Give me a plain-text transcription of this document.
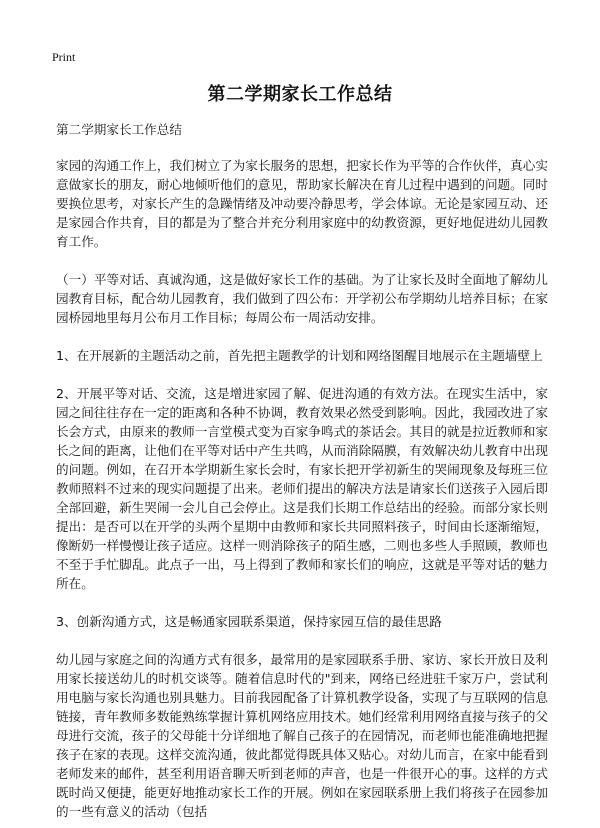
Print
第二学期家长工作总结

第二学期家长工作总结

家园的沟通工作上，我们树立了为家长服务的思想，把家长作为平等的合作伙伴，真心实意做家长的朋友，耐心地倾听他们的意见，帮助家长解决在育儿过程中遇到的问题。同时要换位思考，对家长产生的急躁情绪及冲动要冷静思考，学会体谅。无论是家园互动、还是家园合作共育，目的都是为了整合并充分利用家庭中的幼教资源，更好地促进幼儿园教育工作。

（一）平等对话、真诚沟通，这是做好家长工作的基础。为了让家长及时全面地了解幼儿园教育目标，配合幼儿园教育，我们做到了四公布：开学初公布学期幼儿培养目标；在家园桥园地里每月公布月工作目标；每周公布一周活动安排。

1、在开展新的主题活动之前，首先把主题教学的计划和网络图醒目地展示在主题墙壁上

2、开展平等对话、交流，这是增进家园了解、促进沟通的有效方法。在现实生活中，家园之间往往存在一定的距离和各种不协调，教育效果必然受到影响。因此，我园改进了家长会方式，由原来的教师一言堂模式变为百家争鸣式的茶话会。其目的就是拉近教师和家长之间的距离，让他们在平等对话中产生共鸣，从而消除隔膜，有效解决幼儿教育中出现的问题。例如，在召开本学期新生家长会时，有家长把开学初新生的哭闹现象及每班三位教师照料不过来的现实问题提了出来。老师们提出的解决方法是请家长们送孩子入园后即全部回避，新生哭闹一会儿自己会停止。这是我们长期工作总结出的经验。而部分家长则提出：是否可以在开学的头两个星期中由教师和家长共同照料孩子，时间由长逐渐缩短，像断奶一样慢慢让孩子适应。这样一则消除孩子的陌生感，二则也多些人手照顾，教师也不至于手忙脚乱。此点子一出，马上得到了教师和家长们的响应，这就是平等对话的魅力所在。

3、创新沟通方式，这是畅通家园联系渠道，保持家园互信的最佳思路

幼儿园与家庭之间的沟通方式有很多，最常用的是家园联系手册、家访、家长开放日及利用家长接送幼儿的时机交谈等。随着信息时代的"到来，网络已经进驻千家万户，尝试利用电脑与家长沟通也别具魅力。目前我园配备了计算机教学设备，实现了与互联网的信息链接，青年教师多数能熟练掌握计算机网络应用技术。她们经常利用网络直接与孩子的父母进行交流，孩子的父母能十分详细地了解自己孩子的在园情况，而老师也能准确地把握孩子在家的表现。这样交流沟通，彼此都觉得既具体又贴心。对幼儿而言，在家中能看到老师发来的邮件，甚至利用语音聊天听到老师的声音，也是一件很开心的事。这样的方式既时尚又便捷，能更好地推动家长工作的开展。例如在家园联系册上我们将孩子在园参加的一些有意义的活动（包括
